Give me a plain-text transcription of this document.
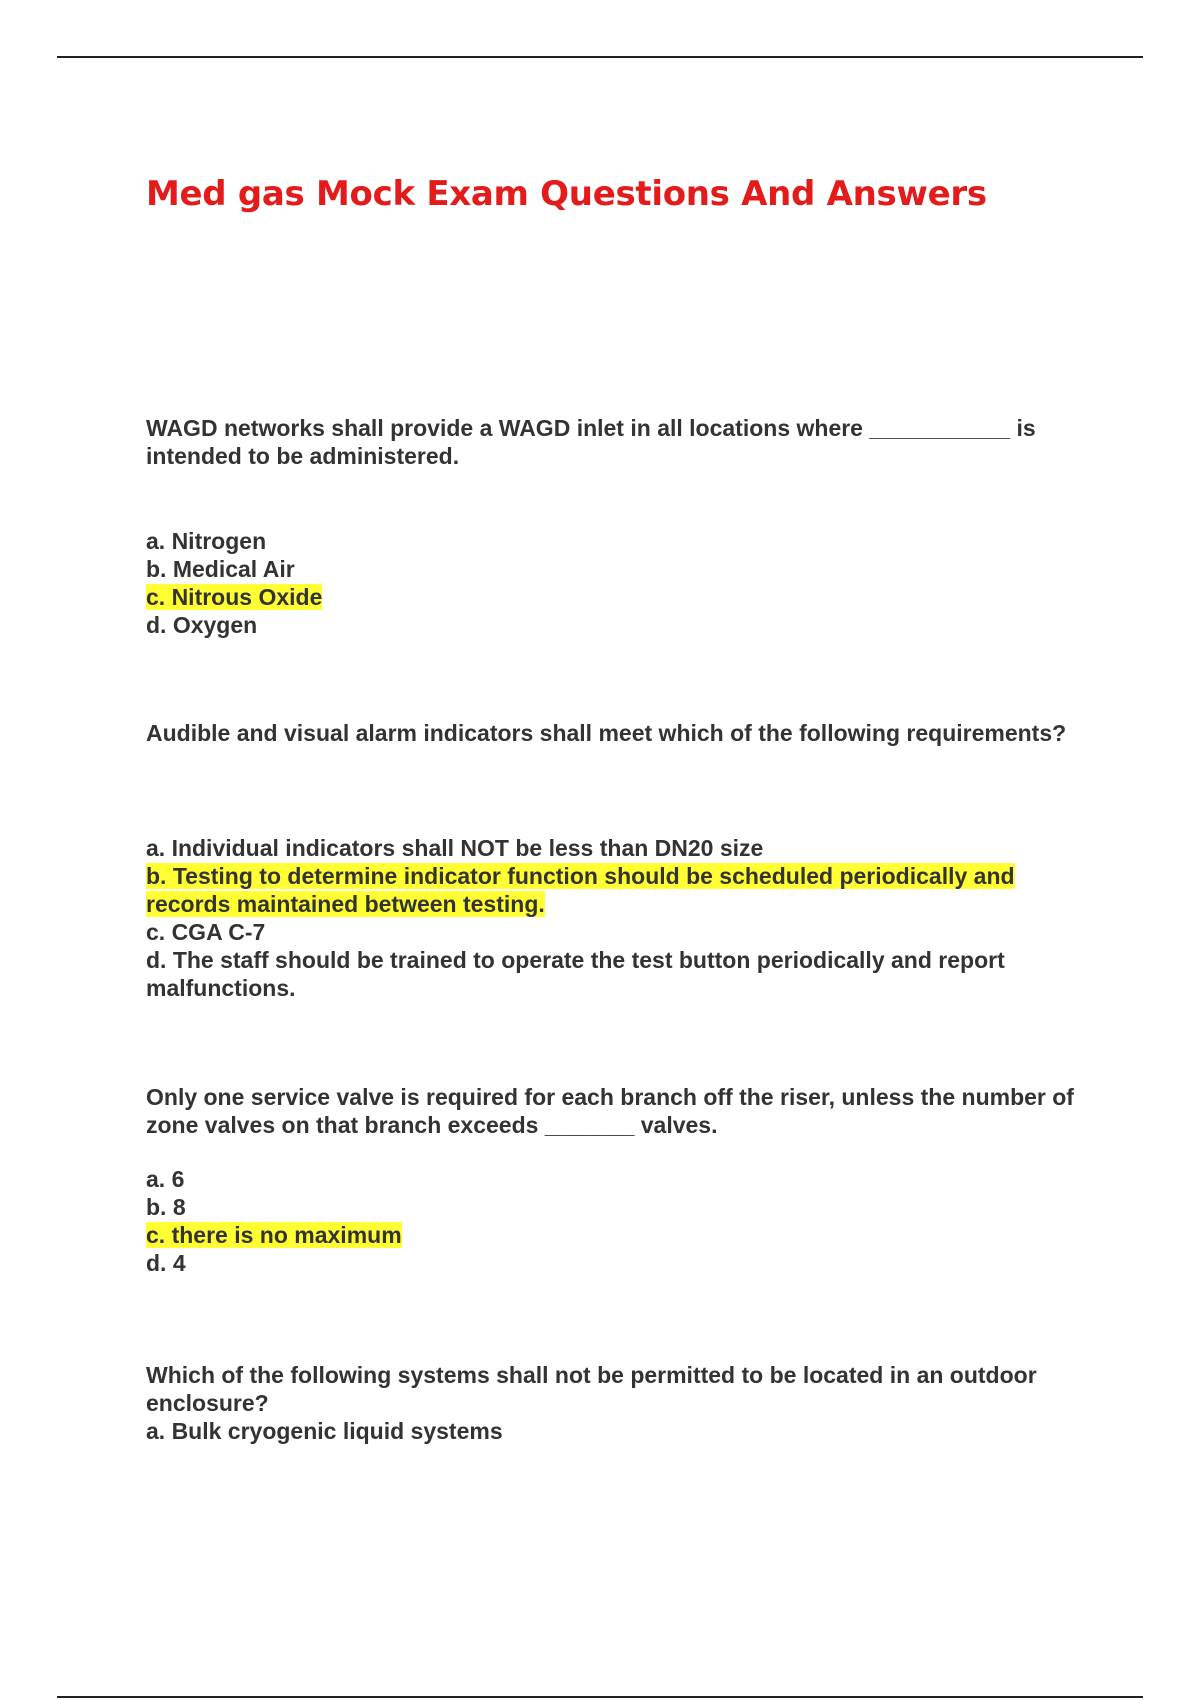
Med gas Mock Exam Questions And Answers

WAGD networks shall provide a WAGD inlet in all locations where ___________ is intended to be administered.

a. Nitrogen

b. Medical Air

c. Nitrous Oxide

d. Oxygen

Audible and visual alarm indicators shall meet which of the following requirements?

a. Individual indicators shall NOT be less than DN20 size

b. Testing to determine indicator function should be scheduled periodically and records maintained between testing.

c. CGA C-7

d. The staff should be trained to operate the test button periodically and report malfunctions.

Only one service valve is required for each branch off the riser, unless the number of zone valves on that branch exceeds _______ valves.

a. 6

b. 8

c. there is no maximum

d. 4

Which of the following systems shall not be permitted to be located in an outdoor enclosure?

a. Bulk cryogenic liquid systems
